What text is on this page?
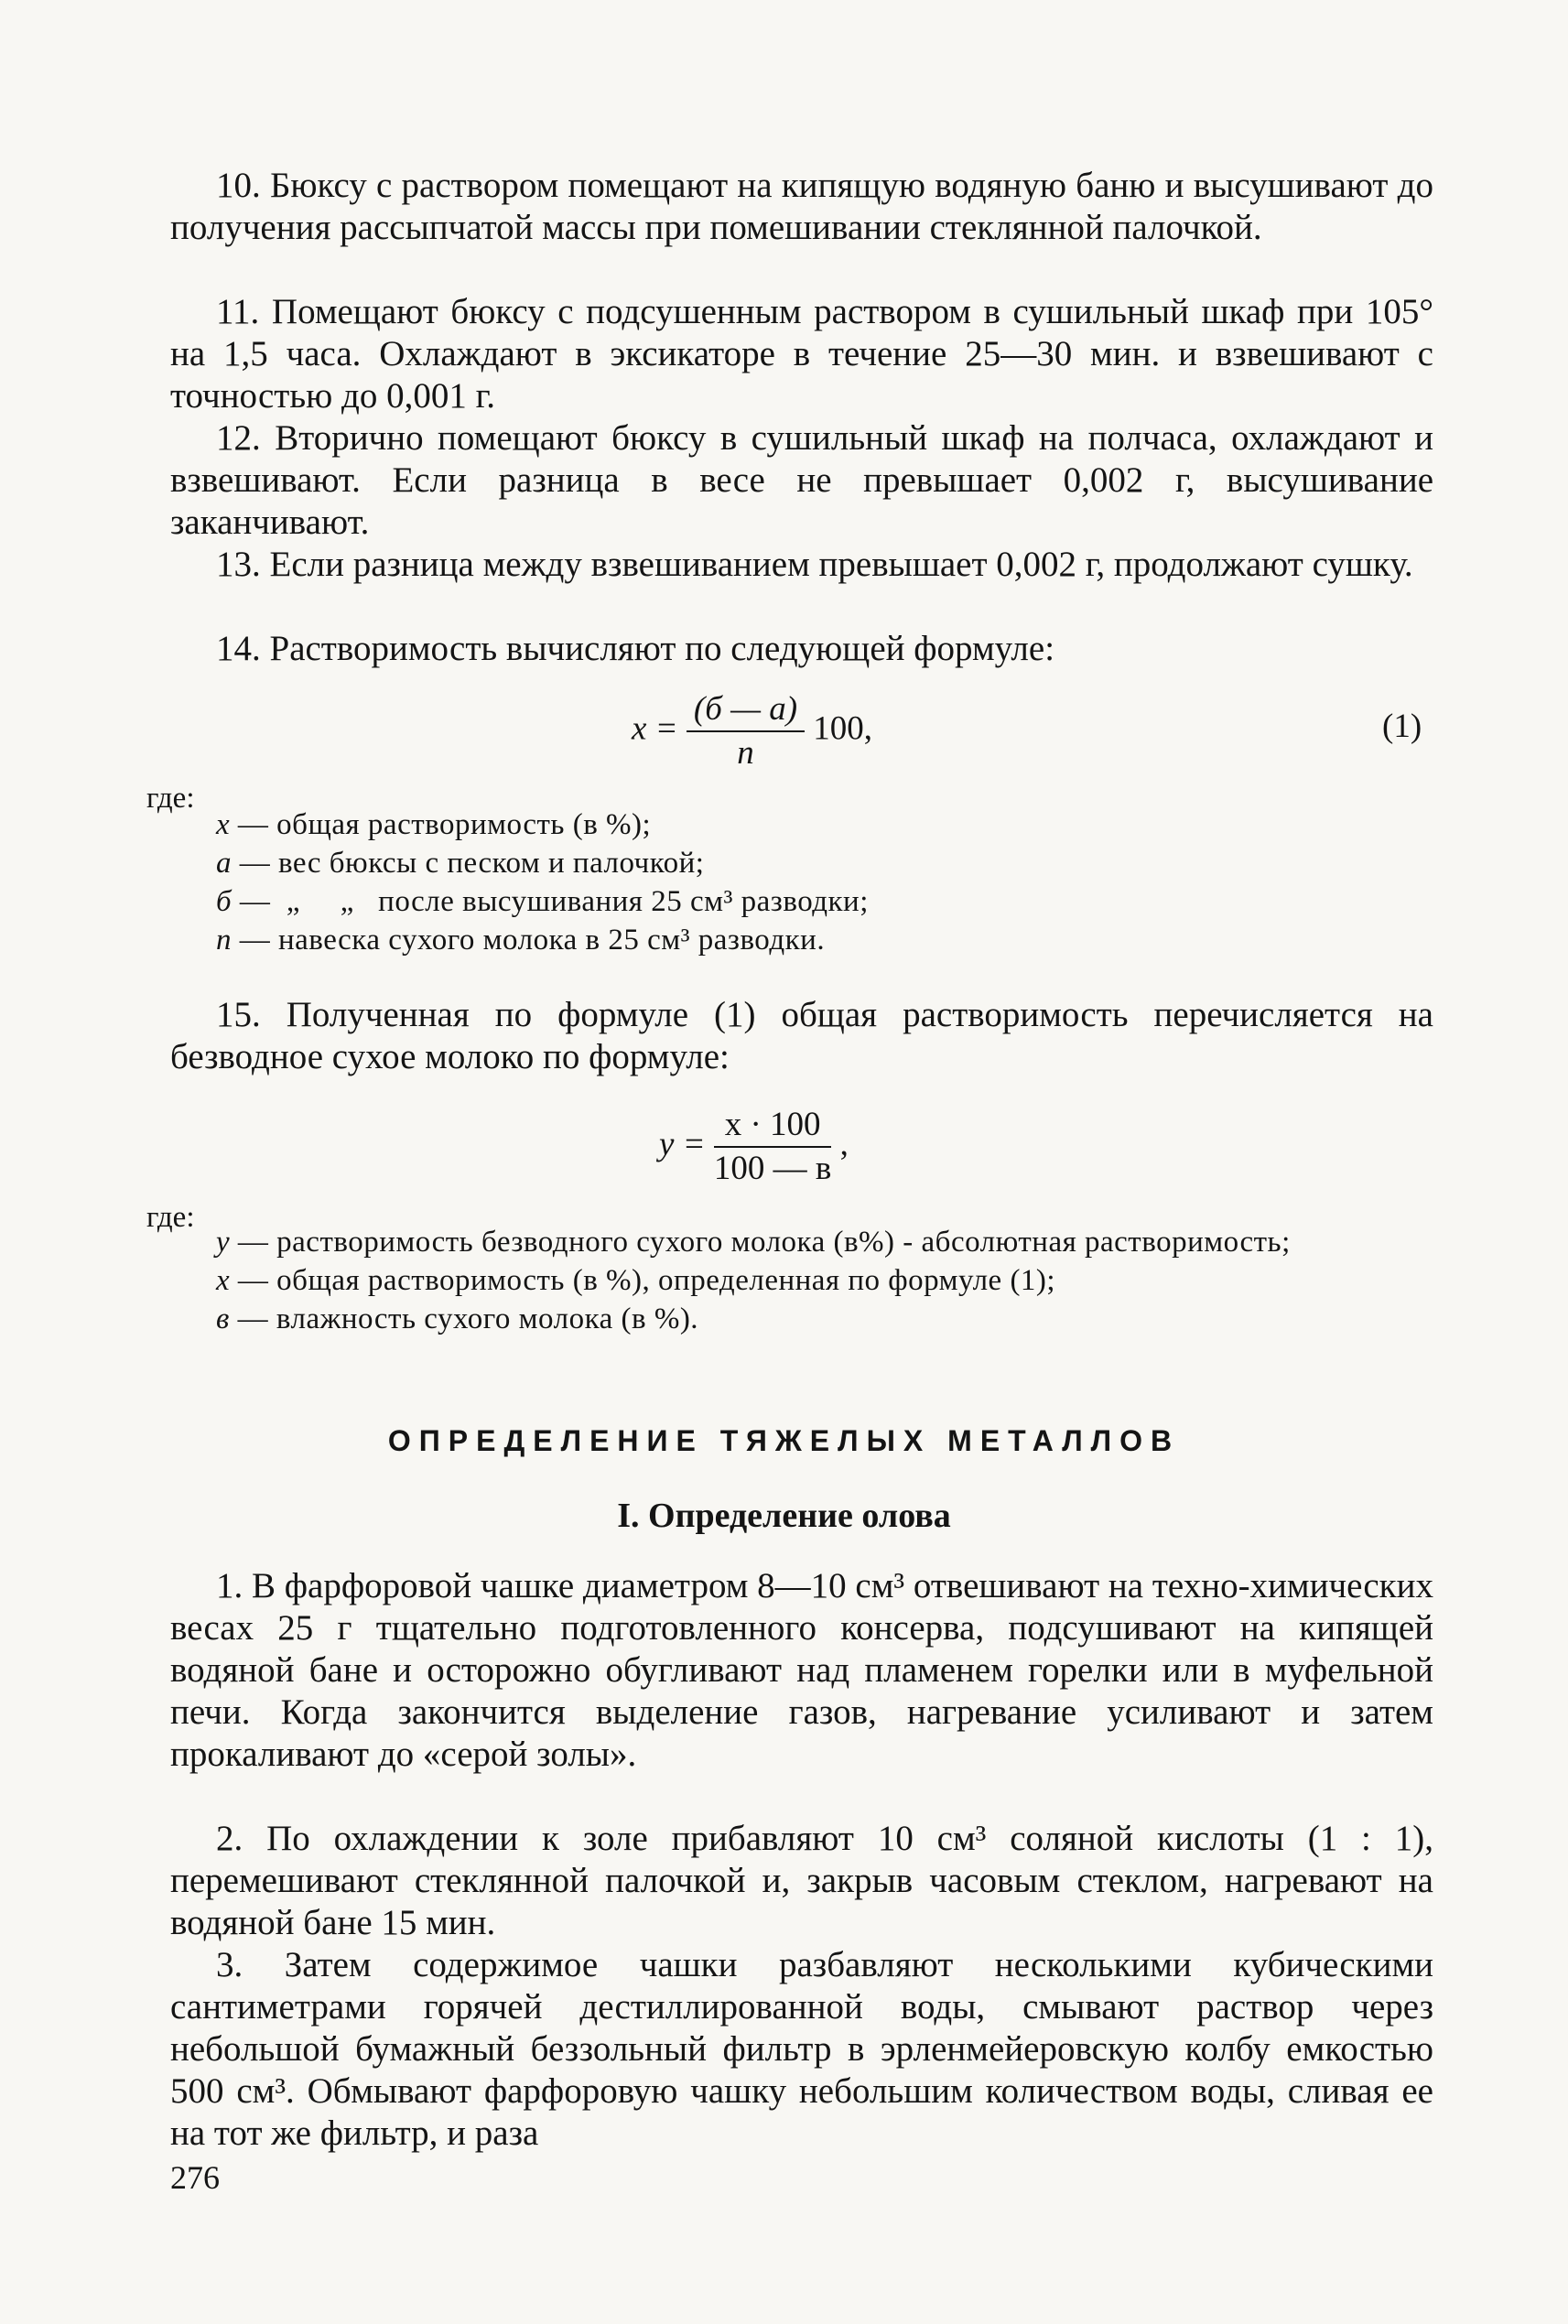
10. Бюксу с раствором помещают на кипящую водяную баню и высушивают до получения рассыпчатой массы при помешивании стеклянной палочкой.

11. Помещают бюксу с подсушенным раствором в сушильный шкаф при 105° на 1,5 часа. Охлаждают в эксикаторе в течение 25—30 мин. и взвешивают с точностью до 0,001 г.

12. Вторично помещают бюксу в сушильный шкаф на полчаса, охлаждают и взвешивают. Если разница в весе не превышает 0,002 г, высушивание заканчивают.

13. Если разница между взвешиванием превышает 0,002 г, продолжают сушку.

14. Растворимость вычисляют по следующей формуле:

$x = \frac{(б — а)}{n} 100$,	(1)

где:

x — общая растворимость (в %);
a — вес бюксы с песком и палочкой;
б —  „     „   после высушивания 25 см³ разводки;
n — навеска сухого молока в 25 см³ разводки.

15. Полученная по формуле (1) общая растворимость перечисляется на безводное сухое молоко по формуле:

$y = \frac{x \cdot 100}{100 — в}$ ,

где:

y — растворимость безводного сухого молока (в%) - абсолютная растворимость;
x — общая растворимость (в %), определенная по формуле (1);
в — влажность сухого молока (в %).
ОПРЕДЕЛЕНИЕ ТЯЖЕЛЫХ МЕТАЛЛОВ
I. Определение олова

1. В фарфоровой чашке диаметром 8—10 см³ отвешивают на техно-химических весах 25 г тщательно подготовленного консерва, подсушивают на кипящей водяной бане и осторожно обугливают над пламенем горелки или в муфельной печи. Когда закончится выделение газов, нагревание усиливают и затем прокаливают до «серой золы».

2. По охлаждении к золе прибавляют 10 см³ соляной кислоты (1 : 1), перемешивают стеклянной палочкой и, закрыв часовым стеклом, нагревают на водяной бане 15 мин.

3. Затем содержимое чашки разбавляют несколькими кубическими сантиметрами горячей дестиллированной воды, смывают раствор через небольшой бумажный беззольный фильтр в эрленмейеровскую колбу емкостью 500 см³. Обмывают фарфоровую чашку небольшим количеством воды, сливая ее на тот же фильтр, и раза

276
